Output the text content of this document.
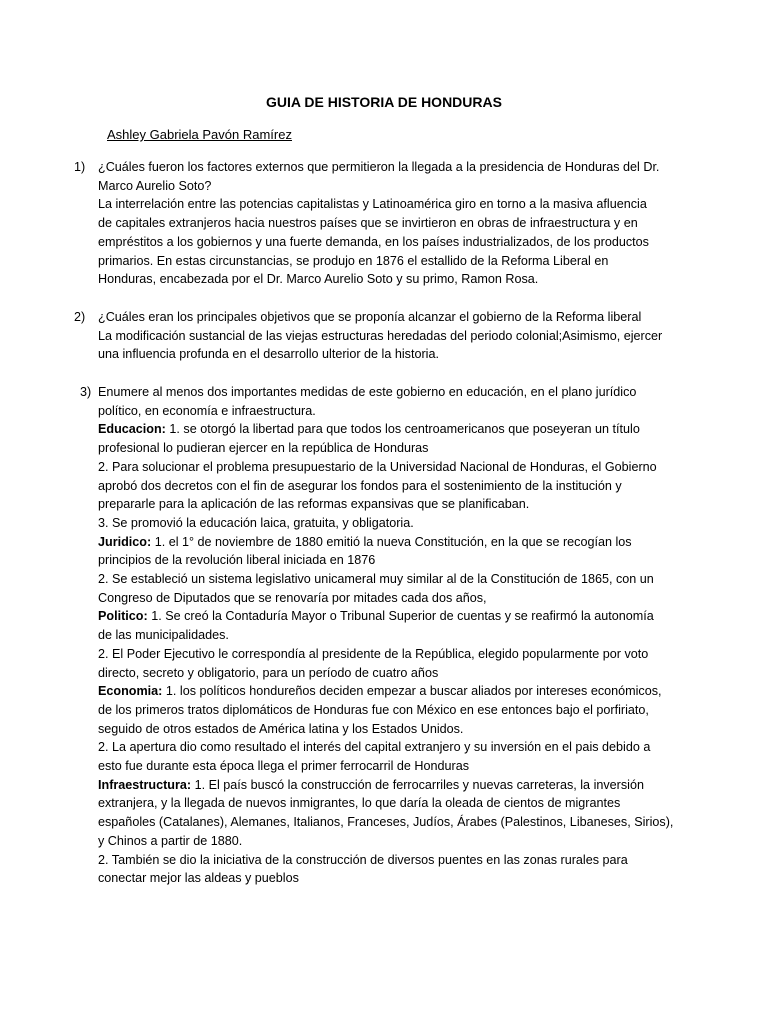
GUIA DE HISTORIA DE HONDURAS
Ashley Gabriela Pavón Ramírez
1) ¿Cuáles fueron los factores externos que permitieron la llegada a la presidencia de Honduras del Dr.
Marco Aurelio Soto?
La interrelación entre las potencias capitalistas y Latinoamérica giro en torno a la masiva afluencia
de capitales extranjeros hacia nuestros países que se invirtieron en obras de infraestructura y en
empréstitos a los gobiernos y una fuerte demanda, en los países industrializados, de los productos
primarios. En estas circunstancias, se produjo en 1876 el estallido de la Reforma Liberal en
Honduras, encabezada por el Dr. Marco Aurelio Soto y su primo, Ramon Rosa.
2) ¿Cuáles eran los principales objetivos que se proponía alcanzar el gobierno de la Reforma liberal
La modificación sustancial de las viejas estructuras heredadas del periodo colonial;Asimismo, ejercer
una influencia profunda en el desarrollo ulterior de la historia.
3) Enumere al menos dos importantes medidas de este gobierno en educación, en el plano jurídico
político, en economía e infraestructura.
Educacion: 1. se otorgó la libertad para que todos los centroamericanos que poseyeran un título
profesional lo pudieran ejercer en la república de Honduras
2. Para solucionar el problema presupuestario de la Universidad Nacional de Honduras, el Gobierno
aprobó dos decretos con el fin de asegurar los fondos para el sostenimiento de la institución y
prepararle para la aplicación de las reformas expansivas que se planificaban.
3. Se promovió la educación laica, gratuita, y obligatoria.
Juridico: 1. el 1° de noviembre de 1880 emitió la nueva Constitución, en la que se recogían los
principios de la revolución liberal iniciada en 1876
2. Se estableció un sistema legislativo unicameral muy similar al de la Constitución de 1865, con un
Congreso de Diputados que se renovaría por mitades cada dos años,
Politico: 1. Se creó la Contaduría Mayor o Tribunal Superior de cuentas y se reafirmó la autonomía
de las municipalidades.
2. El Poder Ejecutivo le correspondía al presidente de la República, elegido popularmente por voto
directo, secreto y obligatorio, para un período de cuatro años
Economia: 1. los políticos hondureños deciden empezar a buscar aliados por intereses económicos,
de los primeros tratos diplomáticos de Honduras fue con México en ese entonces bajo el porfiriato,
seguido de otros estados de América latina y los Estados Unidos.
2. La apertura dio como resultado el interés del capital extranjero y su inversión en el pais debido a
esto fue durante esta época llega el primer ferrocarril de Honduras
Infraestructura: 1. El país buscó la construcción de ferrocarriles y nuevas carreteras, la inversión
extranjera, y la llegada de nuevos inmigrantes, lo que daría la oleada de cientos de migrantes
españoles (Catalanes), Alemanes, Italianos, Franceses, Judíos, Árabes (Palestinos, Libaneses, Sirios),
y Chinos a partir de 1880.
2. También se dio la iniciativa de la construcción de diversos puentes en las zonas rurales para
conectar mejor las aldeas y pueblos
